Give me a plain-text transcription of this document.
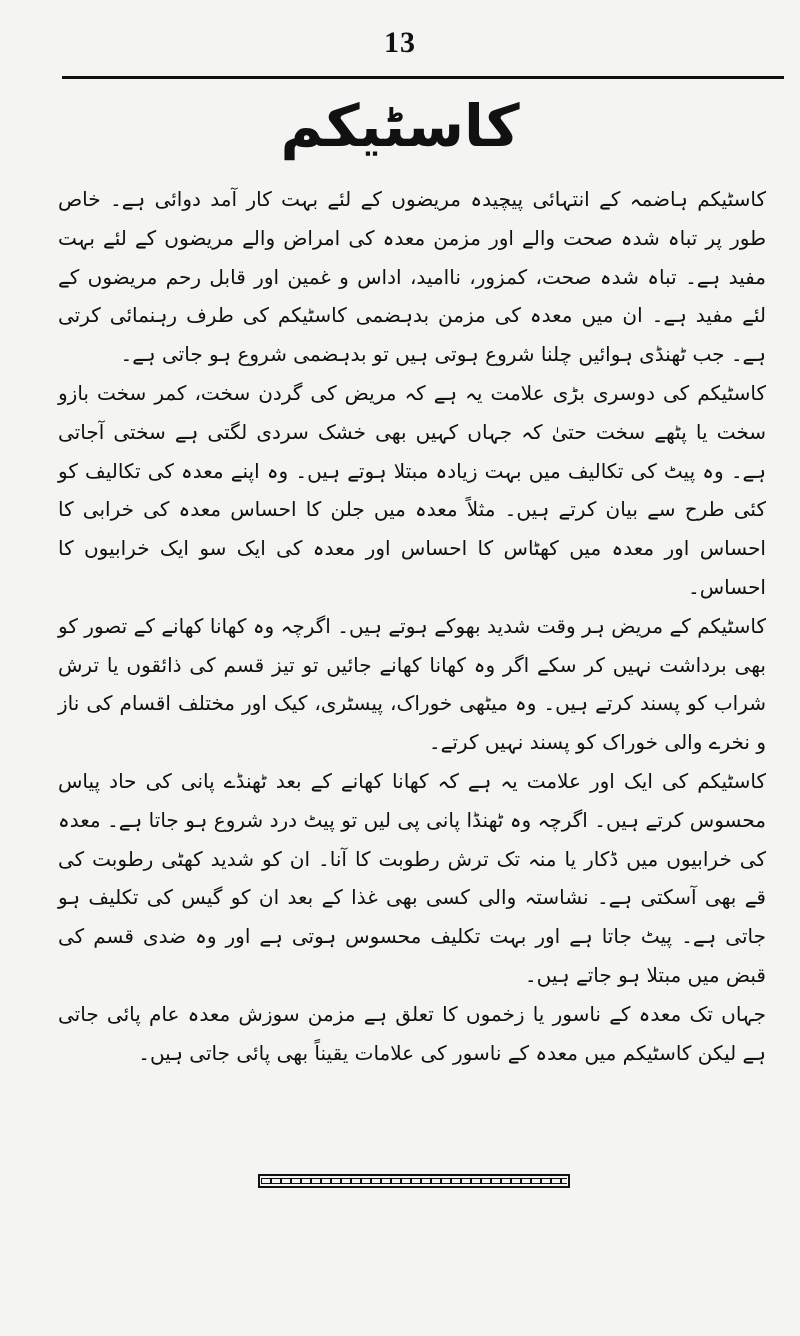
13
کاسٹیکم

کاسٹیکم ہاضمہ کے انتہائی پیچیدہ مریضوں کے لئے بہت کار آمد دوائی ہے۔ خاص طور پر تباہ شدہ صحت والے اور مزمن معدہ کی امراض والے مریضوں کے لئے بہت مفید ہے۔ تباہ شدہ صحت، کمزور، ناامید، اداس و غمین اور قابل رحم مریضوں کے لئے مفید ہے۔ ان میں معدہ کی مزمن بدہضمی کاسٹیکم کی طرف رہنمائی کرتی ہے۔ جب ٹھنڈی ہوائیں چلنا شروع ہوتی ہیں تو بدہضمی شروع ہو جاتی ہے۔

کاسٹیکم کی دوسری بڑی علامت یہ ہے کہ مریض کی گردن سخت، کمر سخت بازو سخت یا پٹھے سخت حتیٰ کہ جہاں کہیں بھی خشک سردی لگتی ہے سختی آجاتی ہے۔ وہ پیٹ کی تکالیف میں بہت زیادہ مبتلا ہوتے ہیں۔ وہ اپنے معدہ کی تکالیف کو کئی طرح سے بیان کرتے ہیں۔ مثلاً معدہ میں جلن کا احساس معدہ کی خرابی کا احساس اور معدہ میں کھٹاس کا احساس اور معدہ کی ایک سو ایک خرابیوں کا احساس۔

کاسٹیکم کے مریض ہر وقت شدید بھوکے ہوتے ہیں۔ اگرچہ وہ کھانا کھانے کے تصور کو بھی برداشت نہیں کر سکے اگر وہ کھانا کھانے جائیں تو تیز قسم کی ذائقوں یا ترش شراب کو پسند کرتے ہیں۔ وہ میٹھی خوراک، پیسٹری، کیک اور مختلف اقسام کی ناز و نخرے والی خوراک کو پسند نہیں کرتے۔

کاسٹیکم کی ایک اور علامت یہ ہے کہ کھانا کھانے کے بعد ٹھنڈے پانی کی حاد پیاس محسوس کرتے ہیں۔ اگرچہ وہ ٹھنڈا پانی پی لیں تو پیٹ درد شروع ہو جاتا ہے۔ معدہ کی خرابیوں میں ڈکار یا منہ تک ترش رطوبت کا آنا۔ ان کو شدید کھٹی رطوبت کی قے بھی آسکتی ہے۔ نشاستہ والی کسی بھی غذا کے بعد ان کو گیس کی تکلیف ہو جاتی ہے۔ پیٹ جاتا ہے اور بہت تکلیف محسوس ہوتی ہے اور وہ ضدی قسم کی قبض میں مبتلا ہو جاتے ہیں۔

جہاں تک معدہ کے ناسور یا زخموں کا تعلق ہے مزمن سوزش معدہ عام پائی جاتی ہے لیکن کاسٹیکم میں معدہ کے ناسور کی علامات یقیناً بھی پائی جاتی ہیں۔
